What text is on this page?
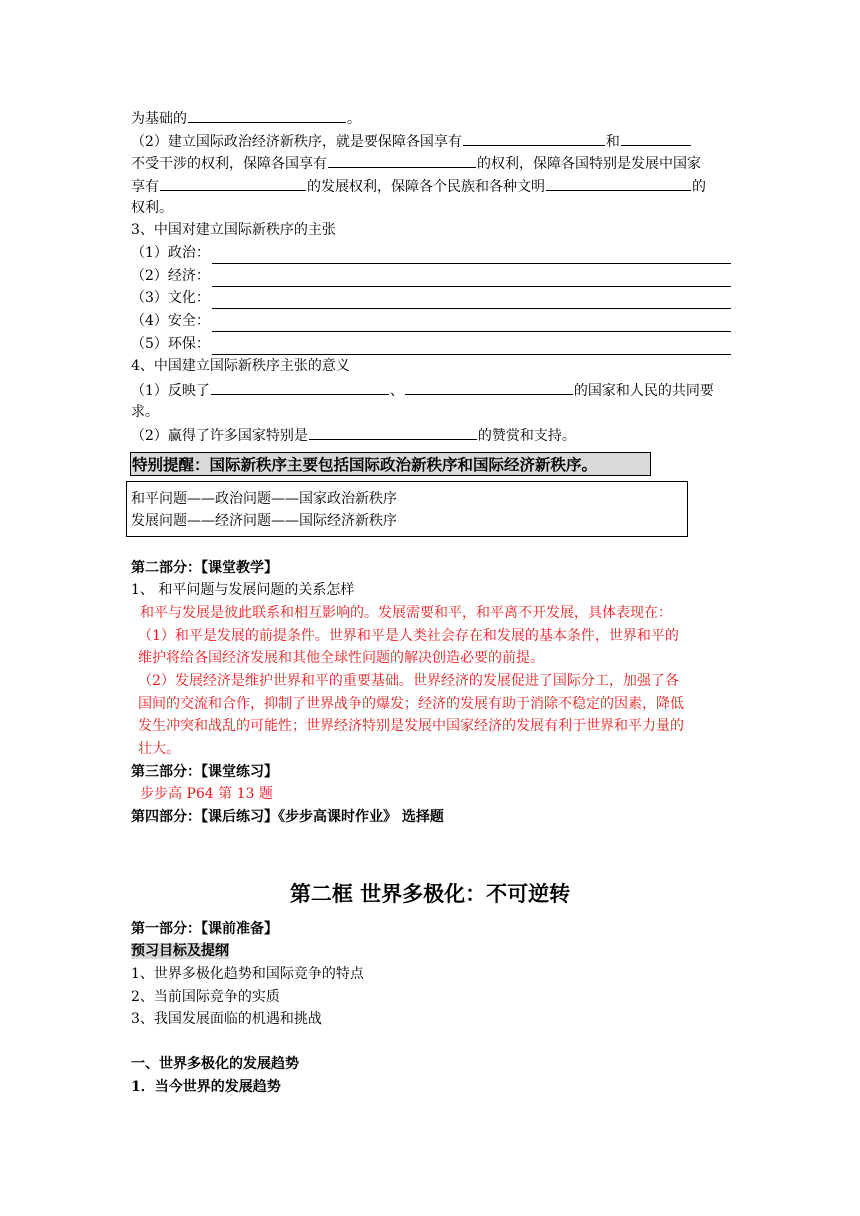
为基础的	。
（2）建立国际政治经济新秩序，就是要保障各国享有	和
不受干涉的权利，保障各国享有	的权利，保障各国特别是发展中国家
享有	的发展权利，保障各个民族和各种文明	的
权利。
3、中国对建立国际新秩序的主张
（1）政治：
（2）经济：
（3）文化：
（4）安全：
（5）环保：
4、中国建立国际新秩序主张的意义
（1）反映了	、	的国家和人民的共同要
求。
（2）赢得了许多国家特别是	的赞赏和支持。
特别提醒：国际新秩序主要包括国际政治新秩序和国际经济新秩序。
和平问题——政治问题——国家政治新秩序
发展问题——经济问题——国际经济新秩序
第二部分：【课堂教学】
1、 和平问题与发展问题的关系怎样
和平与发展是彼此联系和相互影响的。发展需要和平，和平离不开发展，具体表现在：
（1）和平是发展的前提条件。世界和平是人类社会存在和发展的基本条件，世界和平的
维护将给各国经济发展和其他全球性问题的解决创造必要的前提。
（2）发展经济是维护世界和平的重要基础。世界经济的发展促进了国际分工，加强了各
国间的交流和合作，抑制了世界战争的爆发；经济的发展有助于消除不稳定的因素，降低
发生冲突和战乱的可能性；世界经济特别是发展中国家经济的发展有利于世界和平力量的
壮大。
第三部分：【课堂练习】
步步高 P64 第 13 题
第四部分：【课后练习】《步步高课时作业》 选择题
第二框 世界多极化：不可逆转
第一部分：【课前准备】
预习目标及提纲
1、世界多极化趋势和国际竞争的特点
2、当前国际竞争的实质
3、我国发展面临的机遇和挑战
一、世界多极化的发展趋势
1．当今世界的发展趋势
